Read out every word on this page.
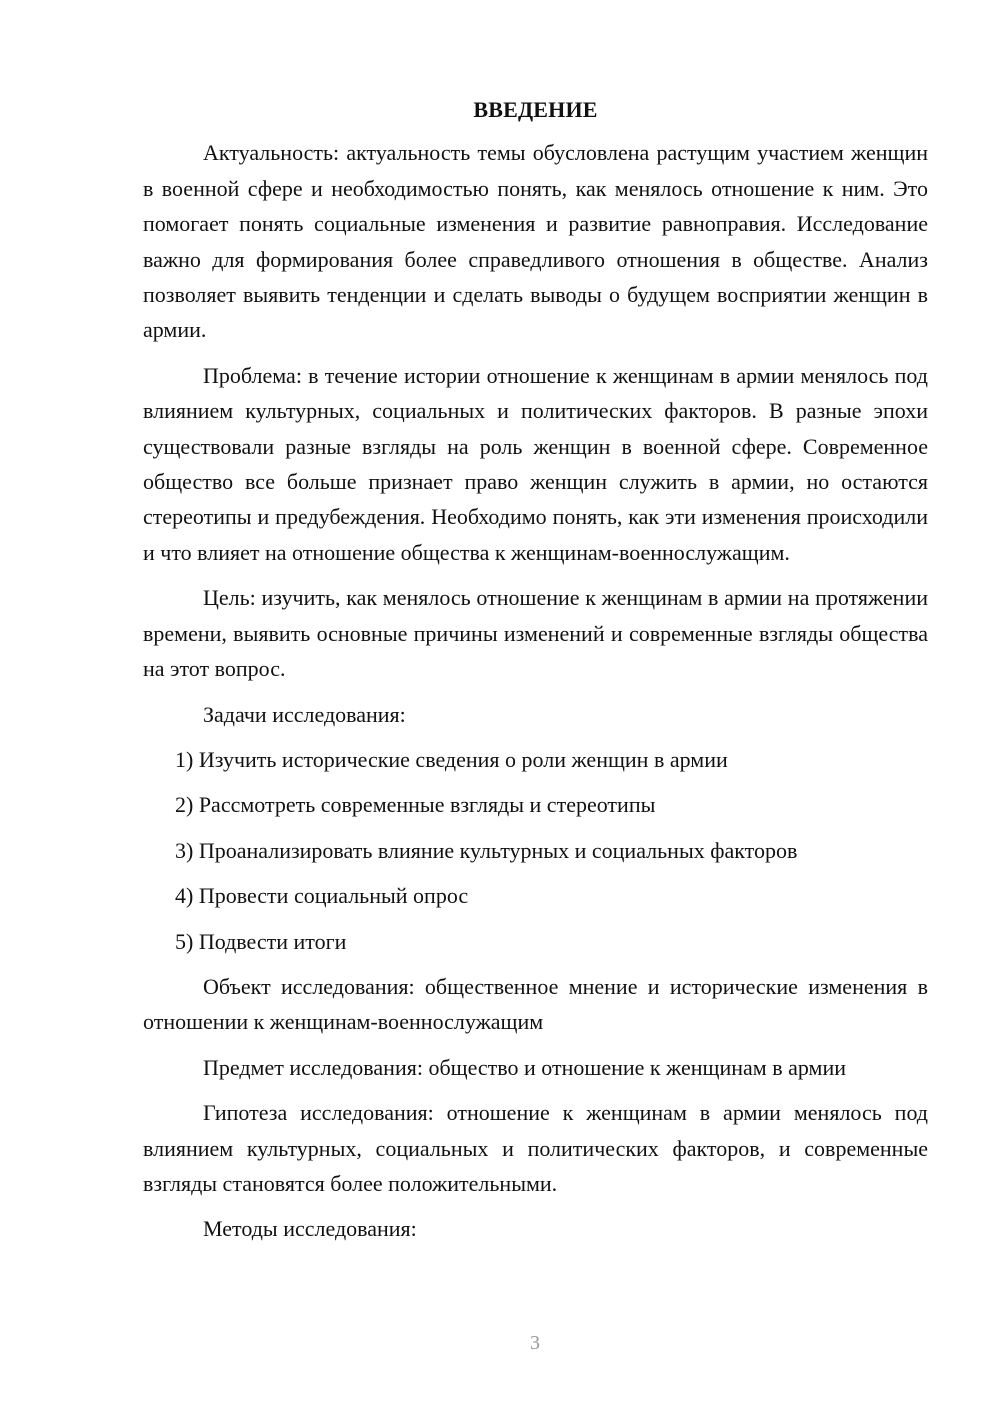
ВВЕДЕНИЕ

Актуальность: актуальность темы обусловлена растущим участием женщин в военной сфере и необходимостью понять, как менялось отношение к ним. Это помогает понять социальные изменения и развитие равноправия. Исследование важно для формирования более справедливого отношения в обществе. Анализ позволяет выявить тенденции и сделать выводы о будущем восприятии женщин в армии.

Проблема: в течение истории отношение к женщинам в армии менялось под влиянием культурных, социальных и политических факторов. В разные эпохи существовали разные взгляды на роль женщин в военной сфере. Современное общество все больше признает право женщин служить в армии, но остаются стереотипы и предубеждения. Необходимо понять, как эти изменения происходили и что влияет на отношение общества к женщинам-военнослужащим.

Цель: изучить, как менялось отношение к женщинам в армии на протяжении времени, выявить основные причины изменений и современные взгляды общества на этот вопрос.

Задачи исследования:

1) Изучить исторические сведения о роли женщин в армии

2) Рассмотреть современные взгляды и стереотипы

3) Проанализировать влияние культурных и социальных факторов

4) Провести социальный опрос

5) Подвести итоги

Объект исследования: общественное мнение и исторические изменения в отношении к женщинам-военнослужащим

Предмет исследования: общество и отношение к женщинам в армии

Гипотеза исследования: отношение к женщинам в армии менялось под влиянием культурных, социальных и политических факторов, и современные взгляды становятся более положительными.

Методы исследования:

3
